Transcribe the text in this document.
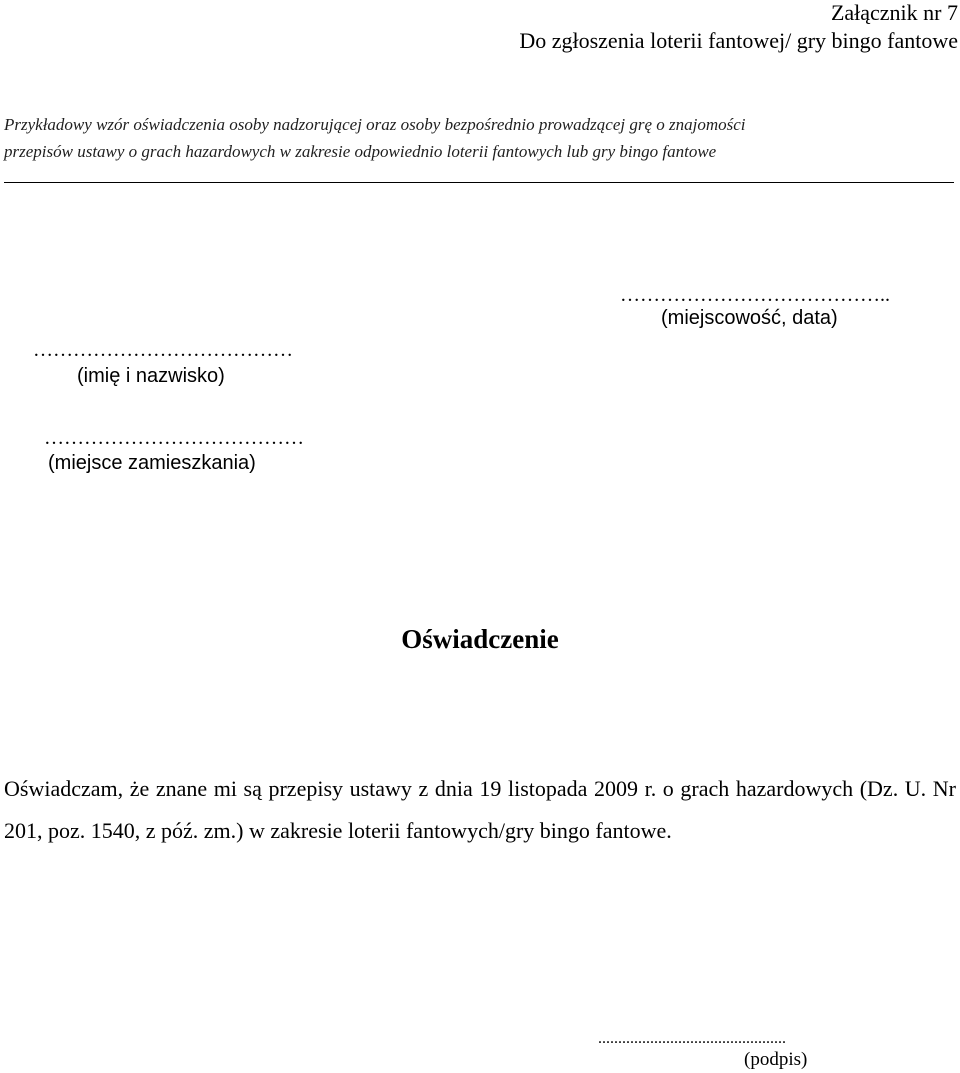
Załącznik nr 7
Do zgłoszenia loterii fantowej/ gry bingo fantowe
Przykładowy wzór oświadczenia osoby nadzorującej oraz osoby bezpośrednio prowadzącej grę o znajomości
przepisów ustawy o grach hazardowych w zakresie odpowiednio loterii fantowych lub gry bingo fantowe
…………………………………..
(miejscowość, data)
…………………………………
(imię i nazwisko)
…………………………………
(miejsce zamieszkania)
Oświadczenie
Oświadczam, że znane mi są przepisy ustawy z dnia 19 listopada 2009 r. o grach hazardowych (Dz. U. Nr 201, poz. 1540, z póź. zm.) w zakresie loterii fantowych/gry bingo fantowe.
...............................................
(podpis)
